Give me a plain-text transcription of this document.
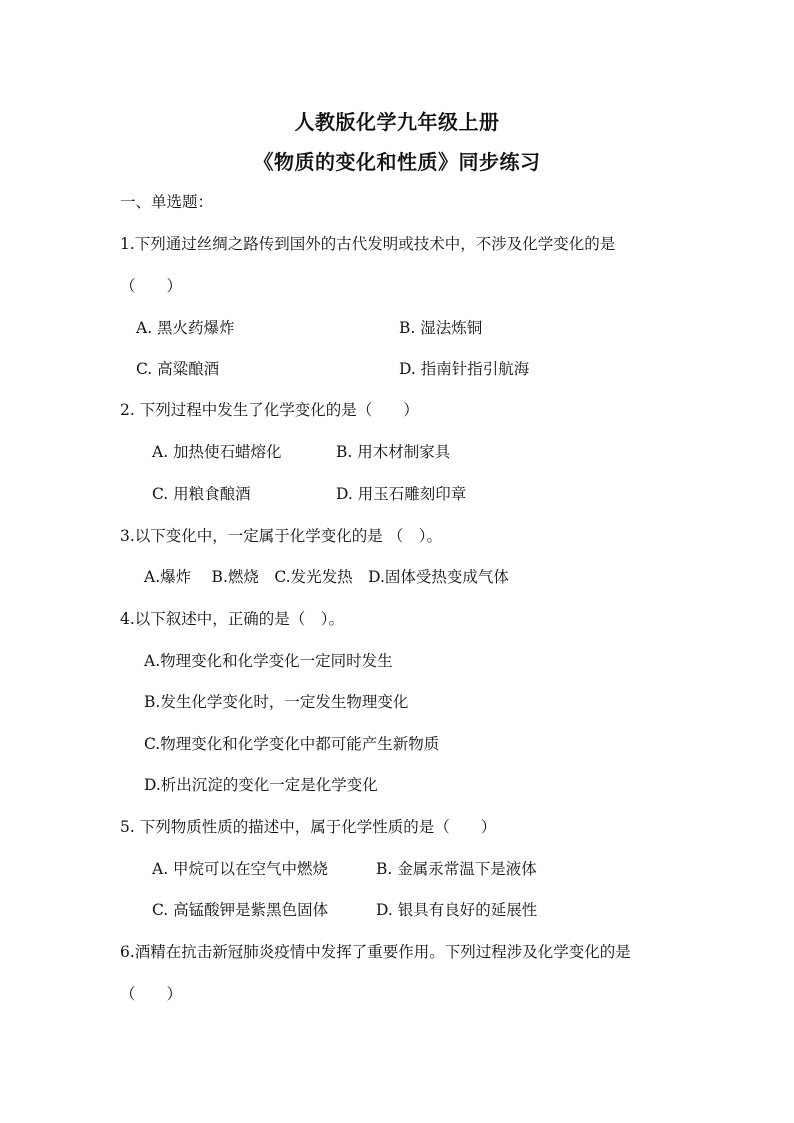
人教版化学九年级上册
《物质的变化和性质》同步练习
一、单选题：
1.下列通过丝绸之路传到国外的古代发明或技术中，不涉及化学变化的是
（　　）
A. 黑火药爆炸	B. 湿法炼铜
C. 高粱酿酒	D. 指南针指引航海
2. 下列过程中发生了化学变化的是（　　）
A. 加热使石蜡熔化	B. 用木材制家具
C. 用粮食酿酒	D. 用玉石雕刻印章
3.以下变化中，一定属于化学变化的是 （　）。
A.爆炸　 B.燃烧　C.发光发热　D.固体受热变成气体
4.以下叙述中，正确的是（　）。
A.物理变化和化学变化一定同时发生
B.发生化学变化时，一定发生物理变化
C.物理变化和化学变化中都可能产生新物质
D.析出沉淀的变化一定是化学变化
5. 下列物质性质的描述中，属于化学性质的是（　　）
A. 甲烷可以在空气中燃烧	B. 金属汞常温下是液体
C. 高锰酸钾是紫黑色固体	D. 银具有良好的延展性
6.酒精在抗击新冠肺炎疫情中发挥了重要作用。下列过程涉及化学变化的是
（　　）
